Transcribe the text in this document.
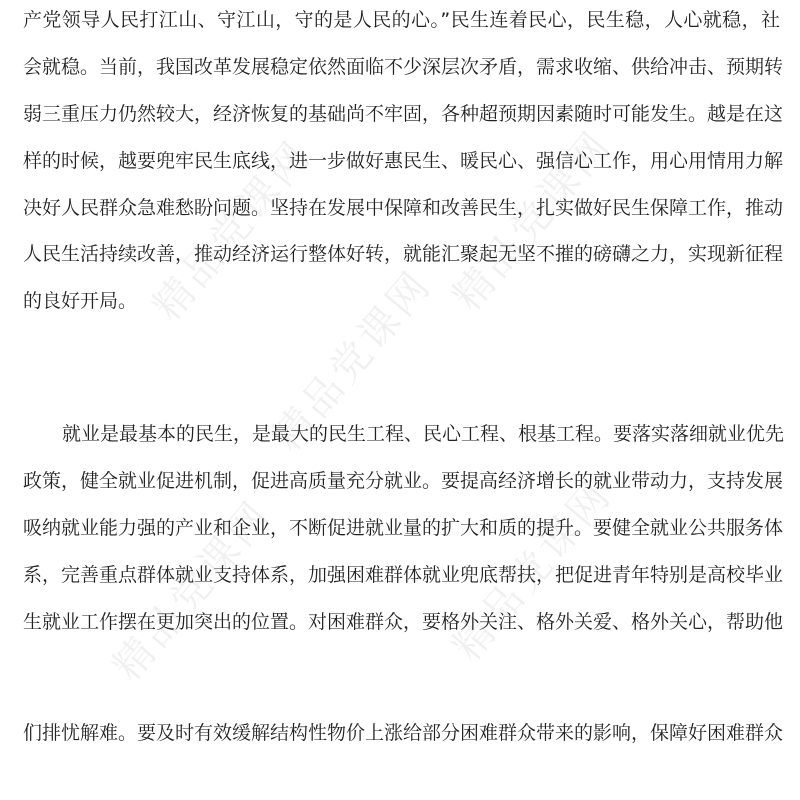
精品党课网	精品党课网
精品党课网
精品党课网	精品党课网
产党领导人民打江山、守江山，守的是人民的心。”民生连着民心，民生稳，人心就稳，社
会就稳。当前，我国改革发展稳定依然面临不少深层次矛盾，需求收缩、供给冲击、预期转
弱三重压力仍然较大，经济恢复的基础尚不牢固，各种超预期因素随时可能发生。越是在这
样的时候，越要兜牢民生底线，进一步做好惠民生、暖民心、强信心工作，用心用情用力解
决好人民群众急难愁盼问题。坚持在发展中保障和改善民生，扎实做好民生保障工作，推动
人民生活持续改善，推动经济运行整体好转，就能汇聚起无坚不摧的磅礴之力，实现新征程
的良好开局。
就业是最基本的民生，是最大的民生工程、民心工程、根基工程。要落实落细就业优先
政策，健全就业促进机制，促进高质量充分就业。要提高经济增长的就业带动力，支持发展
吸纳就业能力强的产业和企业，不断促进就业量的扩大和质的提升。要健全就业公共服务体
系，完善重点群体就业支持体系，加强困难群体就业兜底帮扶，把促进青年特别是高校毕业
生就业工作摆在更加突出的位置。对困难群众，要格外关注、格外关爱、格外关心，帮助他
们排忧解难。要及时有效缓解结构性物价上涨给部分困难群众带来的影响，保障好困难群众
